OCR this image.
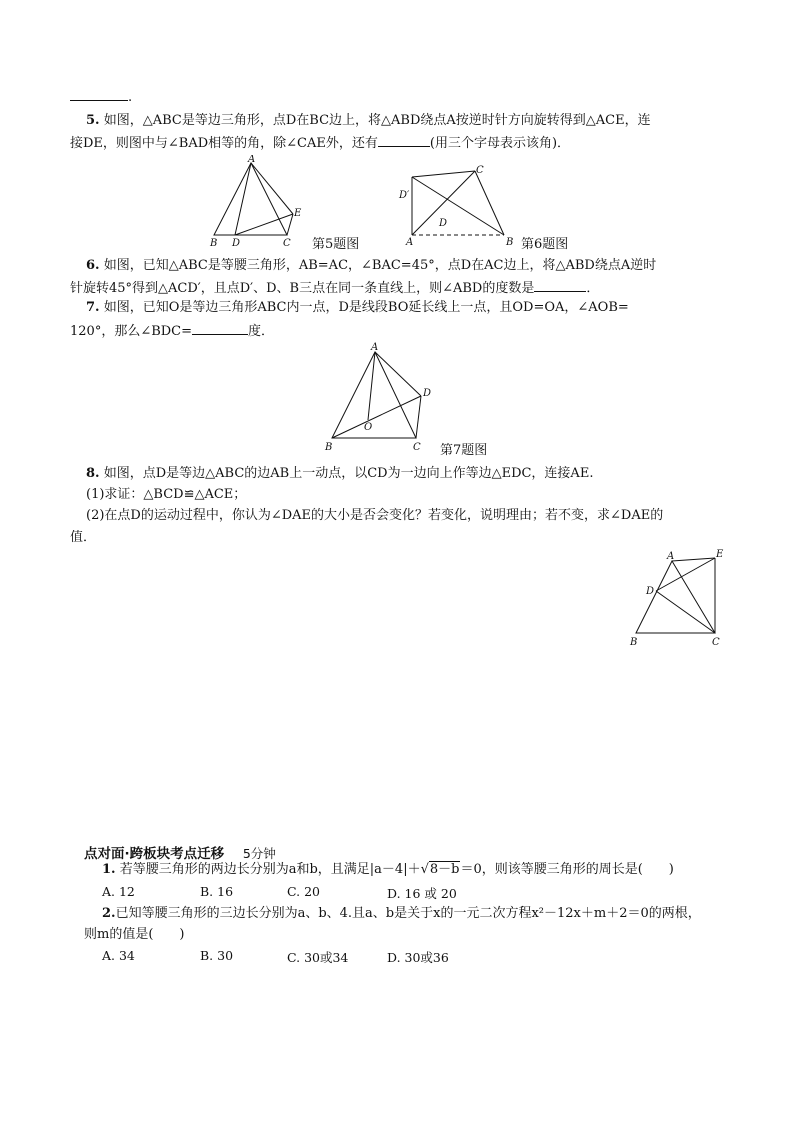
.
5. 如图，△ABC是等边三角形，点D在BC边上，将△ABD绕点A按逆时针方向旋转得到△ACE，连
接DE，则图中与∠BAD相等的角，除∠CAE外，还有	(用三个字母表示该角)．
A
B D	C
E
第5题图
D′
C
D
A	B 第6题图
6. 如图，已知△ABC是等腰三角形，AB=AC，∠BAC=45°，点D在AC边上，将△ABD绕点A逆时
针旋转45°得到△ACD′，且点D′、D、B三点在同一条直线上，则∠ABD的度数是	．
7. 如图，已知O是等边三角形ABC内一点，D是线段BO延长线上一点，且OD=OA，∠AOB=
120°，那么∠BDC=	度．
A
D
O
B	C 第7题图
8. 如图，点D是等边△ABC的边AB上一动点，以CD为一边向上作等边△EDC，连接AE.
(1)求证：△BCD≌△ACE；
(2)在点D的运动过程中，你认为∠DAE的大小是否会变化？若变化，说明理由；若不变，求∠DAE的
值．
A	E
D
B	C
点对面·跨板块考点迁移 5分钟
1. 若等腰三角形的两边长分别为a和b，且满足|a－4|＋√8－b＝0，则该等腰三角形的周长是(　　)
A. 12	B. 16	C. 20	D. 16 或 20
2.已知等腰三角形的三边长分别为a、b、4.且a、b是关于x的一元二次方程x²－12x＋m＋2＝0的两根，
则m的值是(　　)
A. 34	B. 30	C. 30或34	D. 30或36
